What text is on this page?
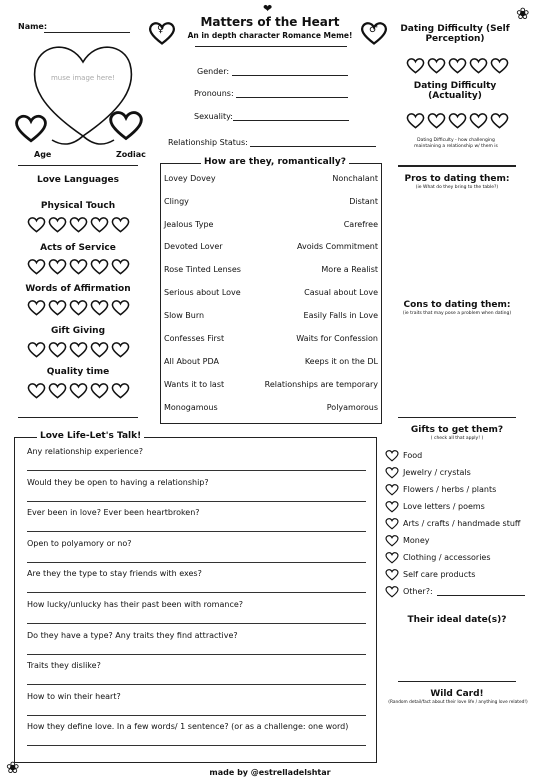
❤	❀
❀
♀	♂
Matters of the Heart
An in depth character Romance Meme!
Name:
muse image here!
Age	Zodiac
Gender:
Pronouns:
Sexuality:
Relationship Status:
Dating Difficulty (Self Perception)
Dating Difficulty (Actuality)
Dating Difficulty - how challenging maintaining a relationship w/ them is
Love Languages
Physical Touch
Acts of Service
Words of Affirmation
Gift Giving
Quality time
How are they, romantically?
Lovey Dovey	Nonchalant
Clingy	Distant
Jealous Type	Carefree
Devoted Lover	Avoids Commitment
Rose Tinted Lenses	More a Realist
Serious about Love	Casual about Love
Slow Burn	Easily Falls in Love
Confesses First	Waits for Confession
All About PDA	Keeps it on the DL
Wants it to last	Relationships are temporary
Monogamous	Polyamorous
Pros to dating them:
(ie What do they bring to the table?)
Cons to dating them:
(ie traits that may pose a problem when dating)
Love Life-Let's Talk!
Any relationship experience?
Would they be open to having a relationship?
Ever been in love? Ever been heartbroken?
Open to polyamory or no?
Are they the type to stay friends with exes?
How lucky/unlucky has their past been with romance?
Do they have a type? Any traits they find attractive?
Traits they dislike?
How to win their heart?
How they define love. In a few words/ 1 sentence? (or as a challenge: one word)
Gifts to get them?
( check all that apply! )
Food
Jewelry / crystals
Flowers / herbs / plants
Love letters / poems
Arts / crafts / handmade stuff
Money
Clothing / accessories
Self care products
Other?:
Their ideal date(s)?
Wild Card!
(Random detail/fact about their love life / anything love related!)
made by @estrelladelshtar
